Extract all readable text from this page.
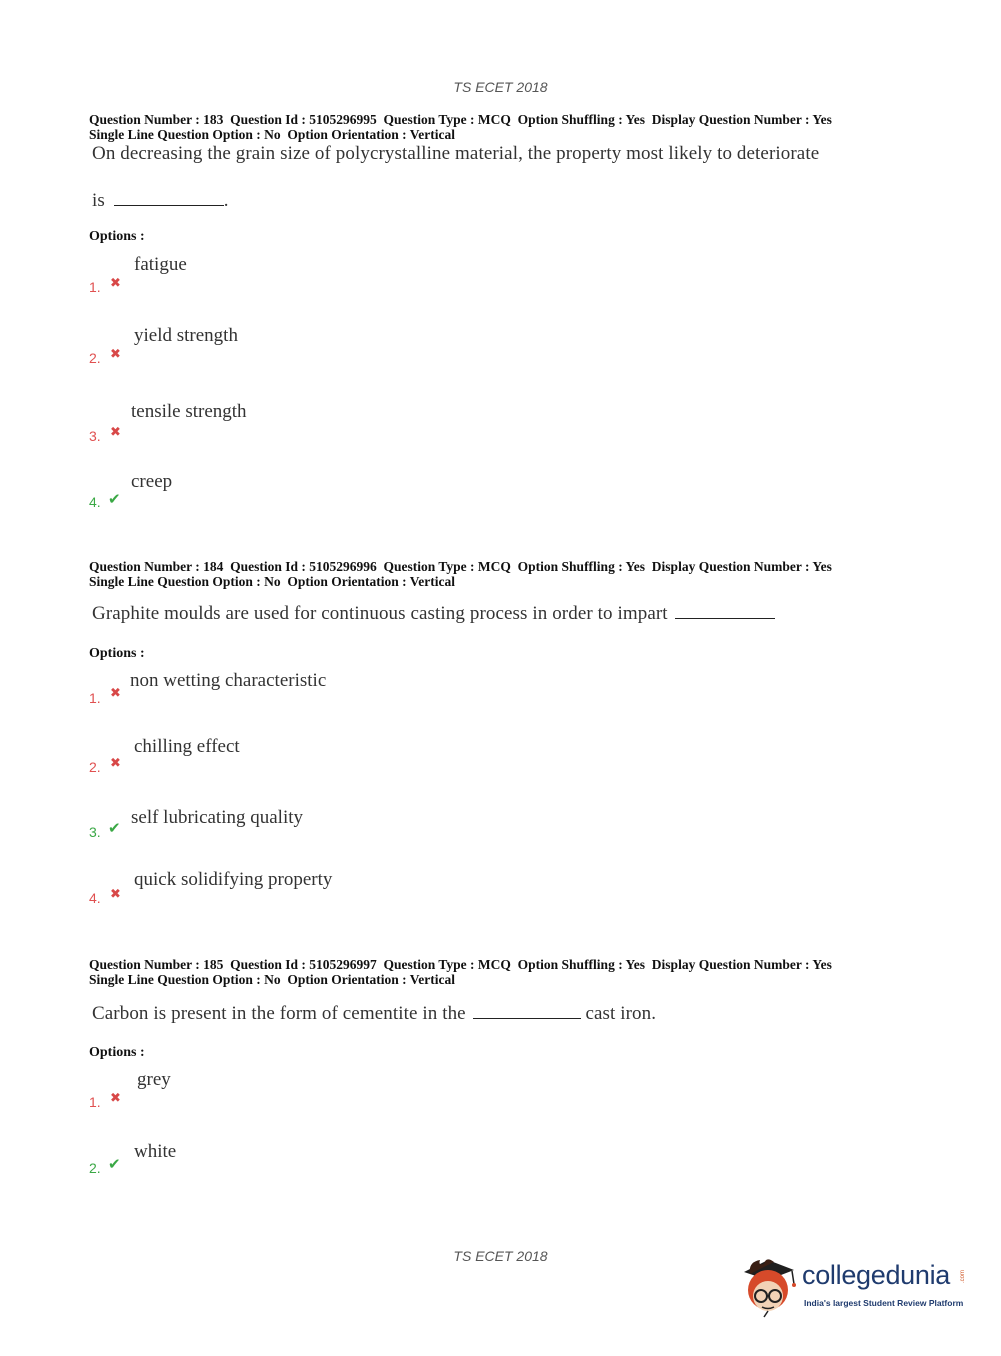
TS ECET 2018
Question Number : 183  Question Id : 5105296995  Question Type : MCQ  Option Shuffling : Yes  Display Question Number : Yes
Single Line Question Option : No  Option Orientation : Vertical
On decreasing the grain size of polycrystalline material, the property most likely to deteriorate
is	.
Options :
1. ✖
fatigue
2. ✖
yield strength
3. ✖
tensile strength
4. ✔
creep
Question Number : 184  Question Id : 5105296996  Question Type : MCQ  Option Shuffling : Yes  Display Question Number : Yes
Single Line Question Option : No  Option Orientation : Vertical
Graphite moulds are used for continuous casting process in order to impart
Options :
1. ✖
non wetting characteristic
2. ✖
chilling effect
3. ✔ self lubricating quality
4. ✖
quick solidifying property
Question Number : 185  Question Id : 5105296997  Question Type : MCQ  Option Shuffling : Yes  Display Question Number : Yes
Single Line Question Option : No  Option Orientation : Vertical
Carbon is present in the form of cementite in the	cast iron.
Options :
1. ✖
grey
2. ✔
white
TS ECET 2018
collegedunia .com
India's largest Student Review Platform
